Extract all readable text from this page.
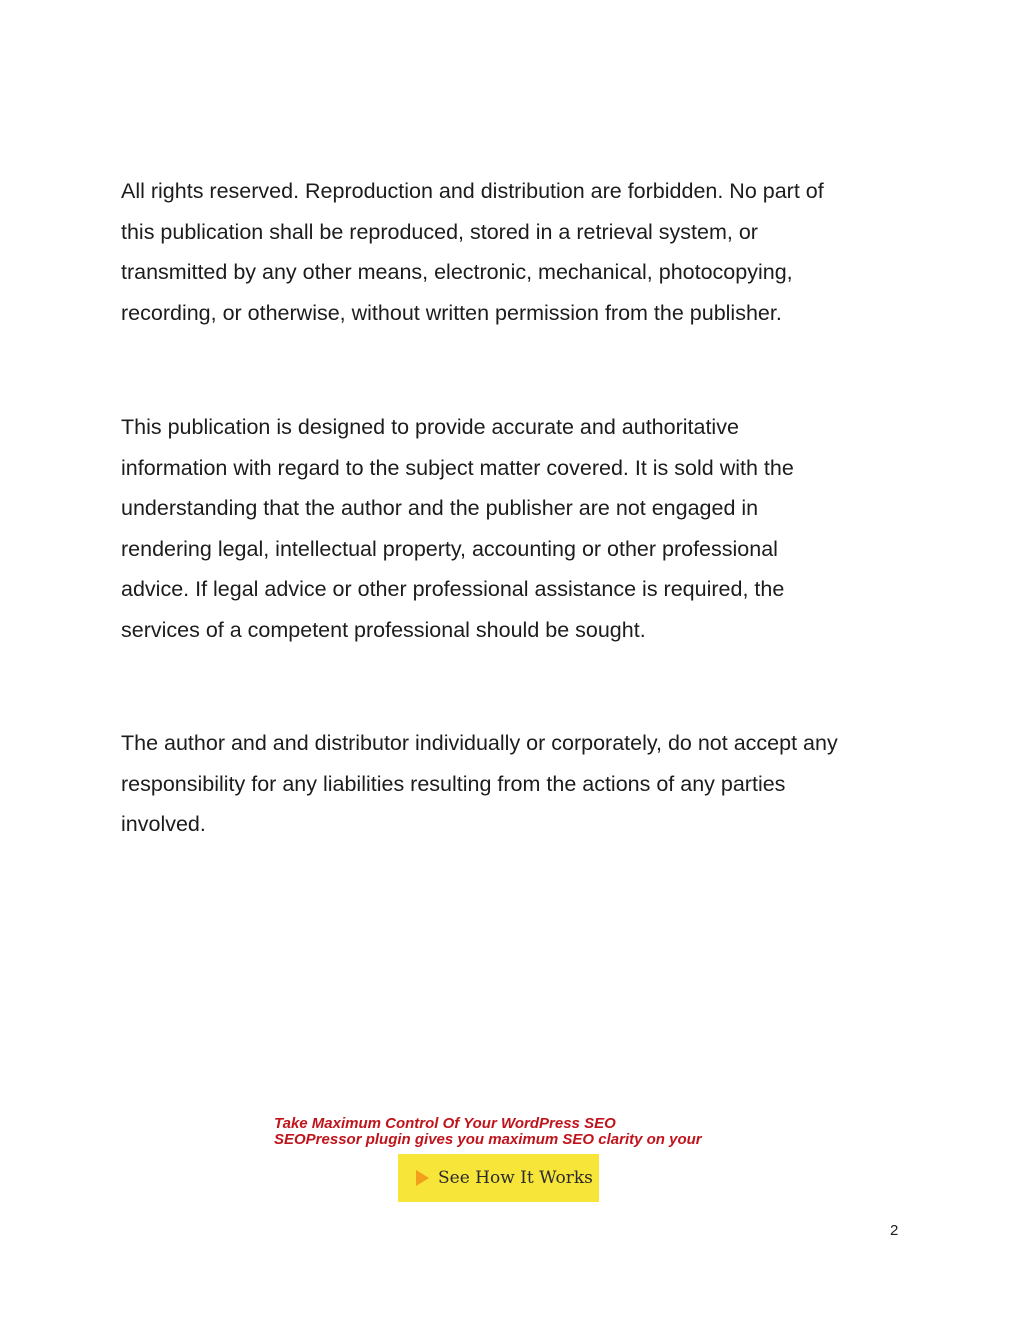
All rights reserved. Reproduction and distribution are forbidden. No part of
this publication shall be reproduced, stored in a retrieval system, or
transmitted by any other means, electronic, mechanical, photocopying,
recording, or otherwise, without written permission from the publisher.

This publication is designed to provide accurate and authoritative
information with regard to the subject matter covered. It is sold with the
understanding that the author and the publisher are not engaged in
rendering legal, intellectual property, accounting or other professional
advice. If legal advice or other professional assistance is required, the
services of a competent professional should be sought.

The author and and distributor individually or corporately, do not accept any
responsibility for any liabilities resulting from the actions of any parties
involved.

Take Maximum Control Of Your WordPress SEO
SEOPressor plugin gives you maximum SEO clarity on your
See How It Works
2
